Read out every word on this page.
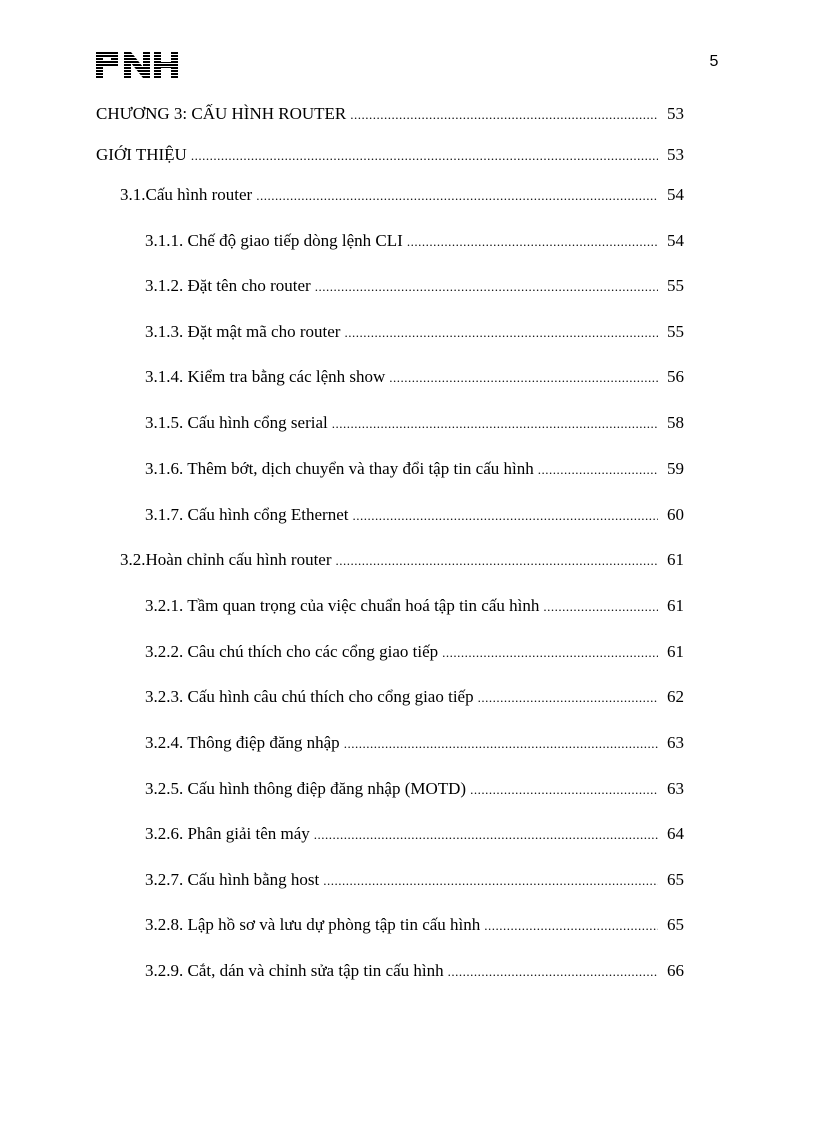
5
CHƯƠNG 3: CẤU HÌNH ROUTER .....	53
GIỚI THIỆU .....	53
3.1.Cấu hình router .....	54
3.1.1. Chế độ giao tiếp dòng lệnh CLI .....	54
3.1.2. Đặt tên cho router .....	55
3.1.3. Đặt mật mã cho router .....	55
3.1.4. Kiểm tra bằng các lệnh show .....	56
3.1.5. Cấu hình cổng serial .....	58
3.1.6. Thêm bớt, dịch chuyển và thay đổi tập tin cấu hình .....	59
3.1.7. Cấu hình cổng Ethernet .....	60
3.2.Hoàn chỉnh cấu hình router .....	61
3.2.1. Tầm quan trọng của việc chuẩn hoá tập tin cấu hình .....	61
3.2.2. Câu chú thích cho các cổng giao tiếp .....	61
3.2.3. Cấu hình câu chú thích cho cổng giao tiếp .....	62
3.2.4. Thông điệp đăng nhập .....	63
3.2.5. Cấu hình thông điệp đăng nhập (MOTD) .....	63
3.2.6. Phân giải tên máy .....	64
3.2.7. Cấu hình bằng host .....	65
3.2.8. Lập hồ sơ và lưu dự phòng tập tin cấu hình .....	65
3.2.9. Cắt, dán và chỉnh sửa tập tin cấu hình .....	66
